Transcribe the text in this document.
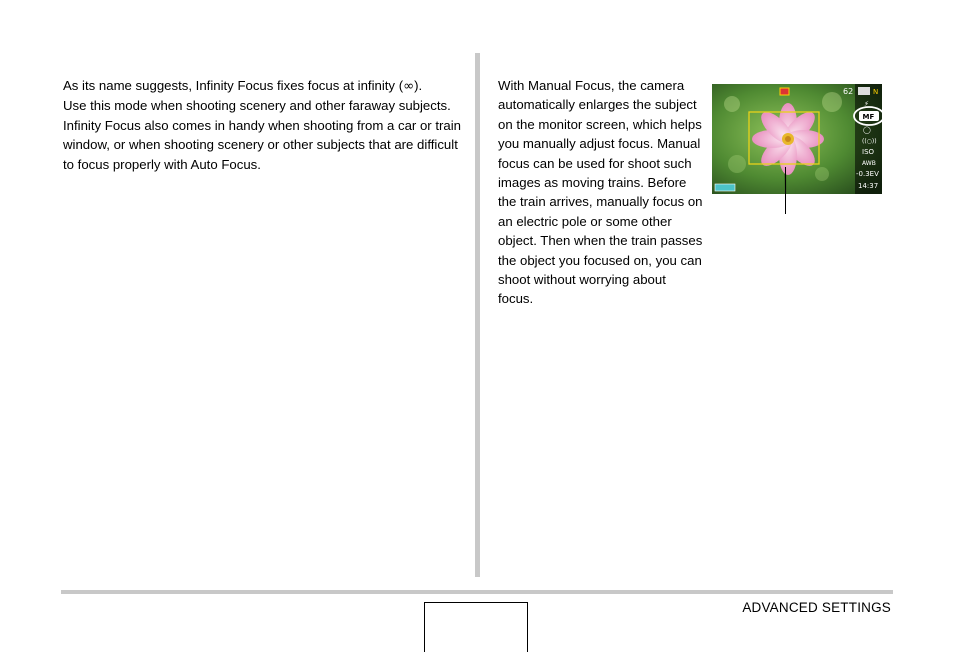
As its name suggests, Infinity Focus fixes focus at infinity (∞).
Use this mode when shooting scenery and other faraway subjects. Infinity Focus also comes in handy when shooting from a car or train window, or when shooting scenery or other subjects that are difficult to focus properly with Auto Focus.
With Manual Focus, the camera automatically enlarges the subject on the monitor screen, which helps you manually adjust focus. Manual focus can be used for shoot such images as moving trains. Before the train arrives, manually focus on an electric pole or some other object. Then when the train passes the object you focused on, you can shoot without worrying about focus.
62	N
⚡
MF
◯
((○))
ISO
AWB
-0.3EV
14:37
ADVANCED SETTINGS
